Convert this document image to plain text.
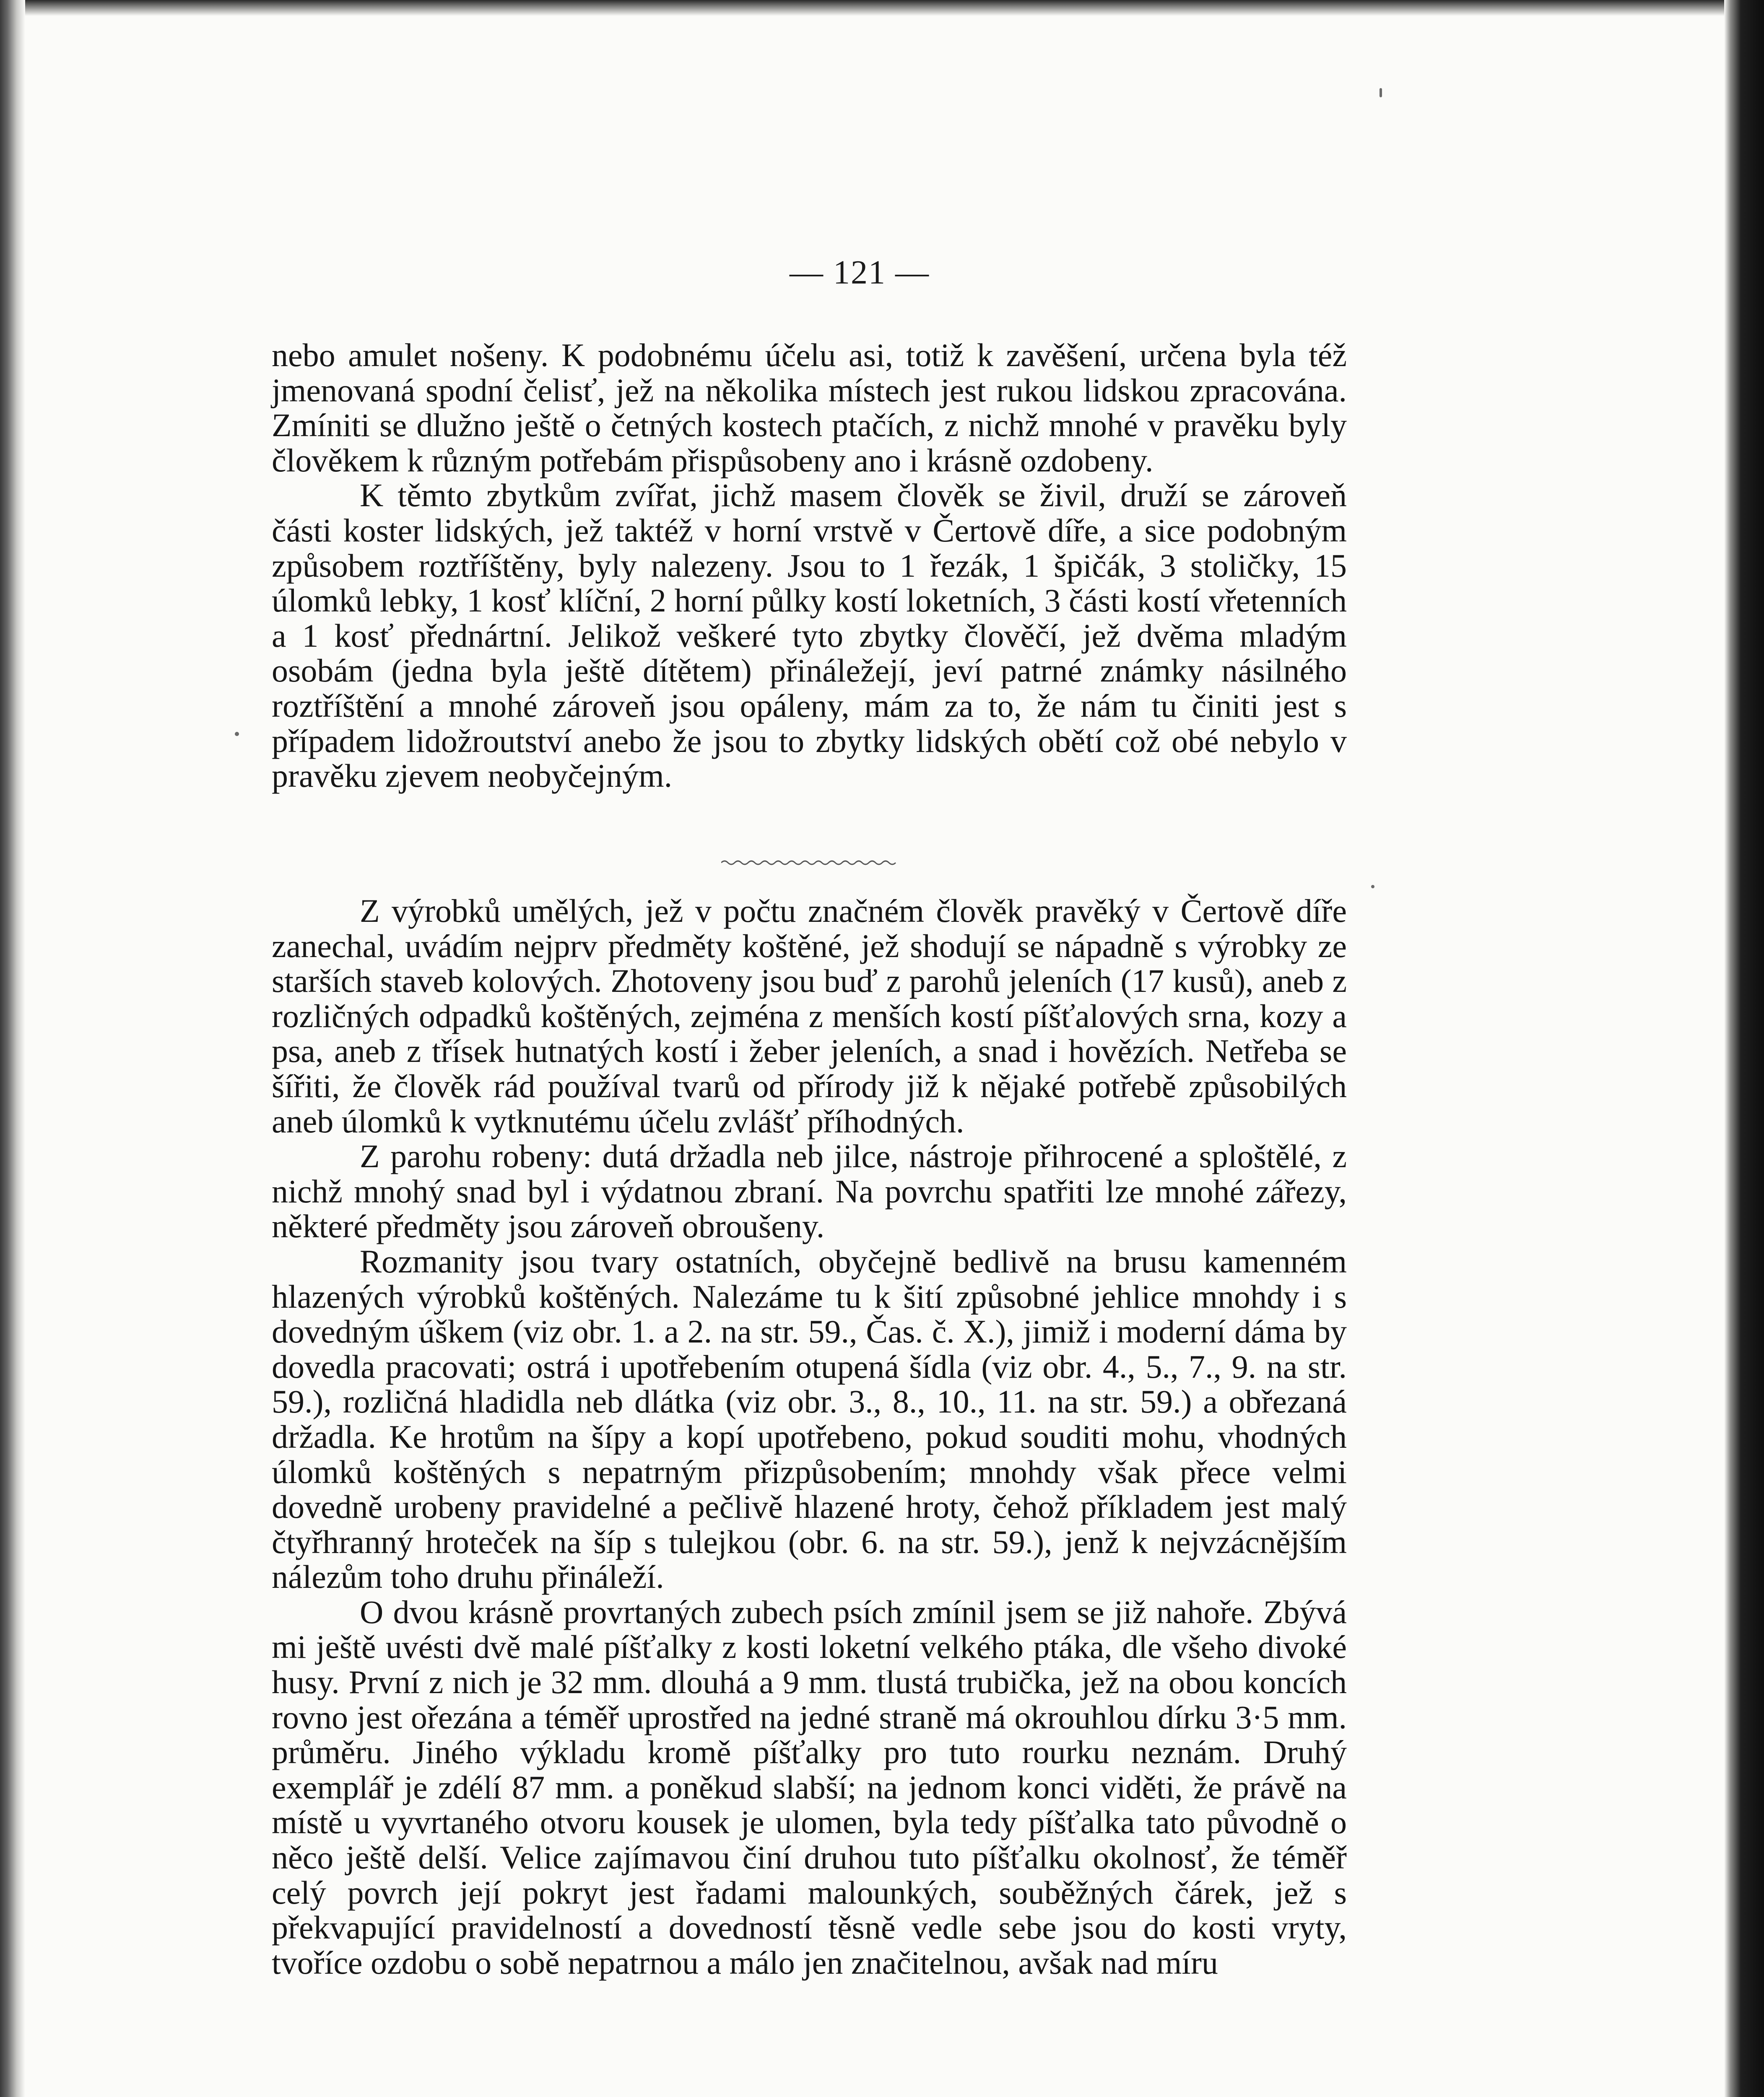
— 121 —

nebo amulet nošeny. K podobnému účelu asi, totiž k zavěšení, určena byla též jmenovaná spodní čelisť, jež na několika místech jest rukou lidskou zpracována. Zmíniti se dlužno ještě o četných kostech ptačích, z nichž mnohé v pravěku byly člověkem k různým potřebám přispůsobeny ano i krásně ozdobeny.

K těmto zbytkům zvířat, jichž masem člověk se živil, druží se zároveň části koster lidských, jež taktéž v horní vrstvě v Čertově díře, a sice podobným způsobem roztříštěny, byly nalezeny. Jsou to 1 řezák, 1 špičák, 3 stoličky, 15 úlomků lebky, 1 kosť klíční, 2 horní půlky kostí loketních, 3 části kostí vřetenních a 1 kosť přednártní. Jelikož veškeré tyto zbytky člověčí, jež dvěma mladým osobám (jedna byla ještě dítětem) přináležejí, jeví patrné známky násilného roztříštění a mnohé zároveň jsou opáleny, mám za to, že nám tu činiti jest s případem lidožroutství anebo že jsou to zbytky lidských obětí což obé nebylo v pravěku zjevem neobyčejným.

Z výrobků umělých, jež v počtu značném člověk pravěký v Čertově díře zanechal, uvádím nejprv předměty koštěné, jež shodují se nápadně s výrobky ze starších staveb kolových. Zhotoveny jsou buď z parohů jeleních (17 kusů), aneb z rozličných odpadků koštěných, zejména z menších kostí píšťalových srna, kozy a psa, aneb z třísek hutnatých kostí i žeber jeleních, a snad i hovězích. Netřeba se šířiti, že člověk rád používal tvarů od přírody již k nějaké potřebě způsobilých aneb úlomků k vytknutému účelu zvlášť příhodných.

Z parohu robeny: dutá držadla neb jilce, nástroje přihrocené a sploštělé, z nichž mnohý snad byl i výdatnou zbraní. Na povrchu spatřiti lze mnohé zářezy, některé předměty jsou zároveň obroušeny.

Rozmanity jsou tvary ostatních, obyčejně bedlivě na brusu kamenném hlazených výrobků koštěných. Nalezáme tu k šití způsobné jehlice mnohdy i s dovedným úškem (viz obr. 1. a 2. na str. 59., Čas. č. X.), jimiž i moderní dáma by dovedla pracovati; ostrá i upotřebením otupená šídla (viz obr. 4., 5., 7., 9. na str. 59.), rozličná hladidla neb dlátka (viz obr. 3., 8., 10., 11. na str. 59.) a obřezaná držadla. Ke hrotům na šípy a kopí upotřebeno, pokud souditi mohu, vhodných úlomků koštěných s nepatrným přizpůsobením; mnohdy však přece velmi dovedně urobeny pravidelné a pečlivě hlazené hroty, čehož příkladem jest malý čtyřhranný hroteček na šíp s tulejkou (obr. 6. na str. 59.), jenž k nejvzácnějším nálezům toho druhu přináleží.

O dvou krásně provrtaných zubech psích zmínil jsem se již nahoře. Zbývá mi ještě uvésti dvě malé píšťalky z kosti loketní velkého ptáka, dle všeho divoké husy. První z nich je 32 mm. dlouhá a 9 mm. tlustá trubička, jež na obou koncích rovno jest ořezána a téměř uprostřed na jedné straně má okrouhlou dírku 3·5 mm. průměru. Jiného výkladu kromě píšťalky pro tuto rourku neznám. Druhý exemplář je zdélí 87 mm. a poněkud slabší; na jednom konci viděti, že právě na místě u vyvrtaného otvoru kousek je ulomen, byla tedy píšťalka tato původně o něco ještě delší. Velice zajímavou činí druhou tuto píšťalku okolnosť, že téměř celý povrch její pokryt jest řadami malounkých, souběžných čárek, jež s překvapující pravidelností a dovedností těsně vedle sebe jsou do kosti vryty, tvoříce ozdobu o sobě nepatrnou a málo jen značitelnou, avšak nad míru
